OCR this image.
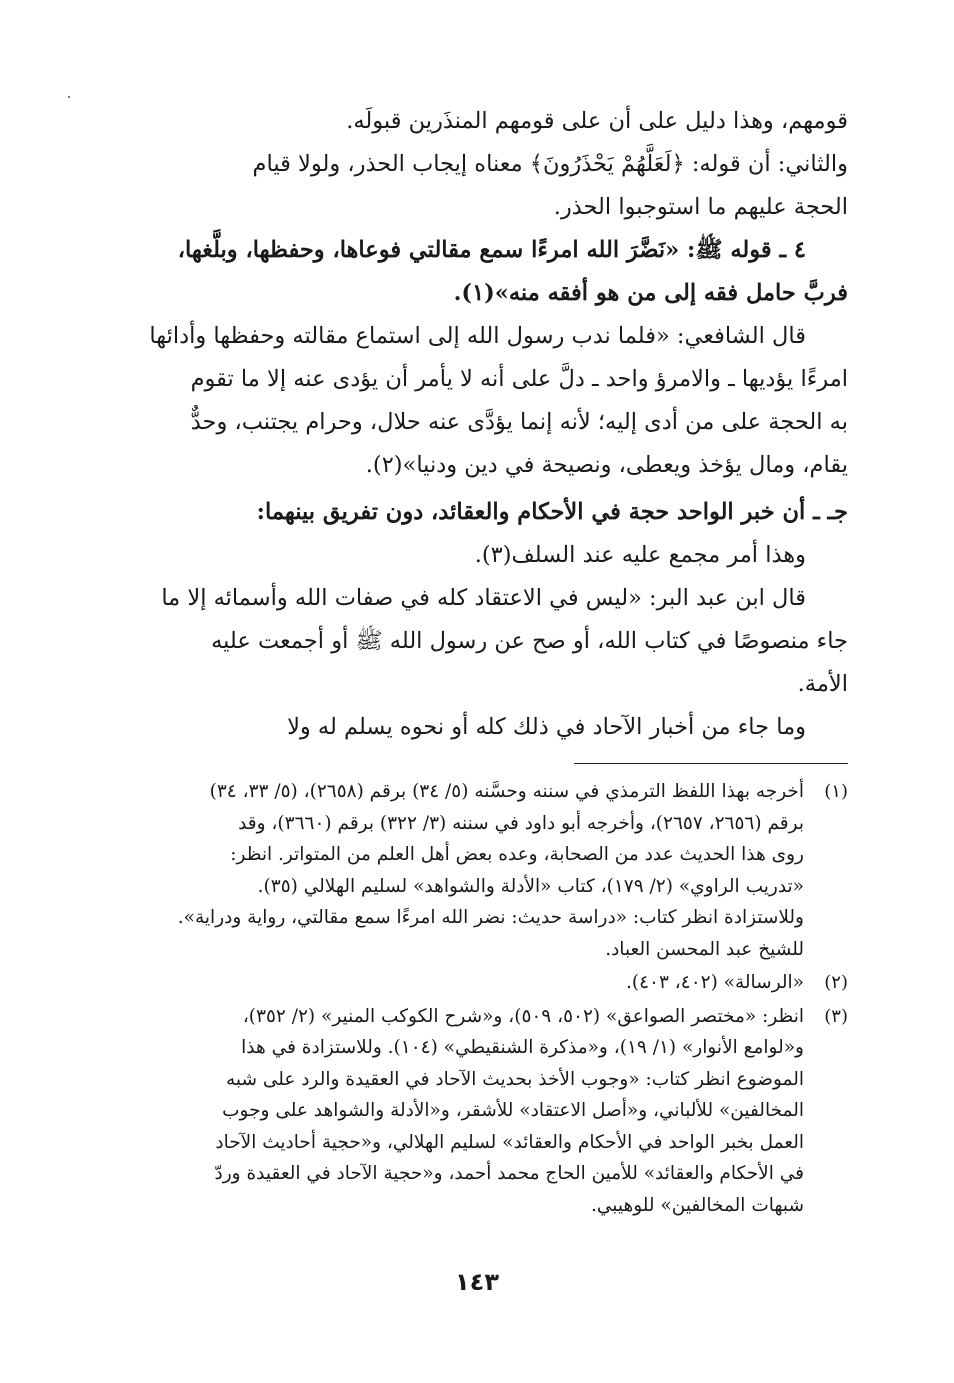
قومهم، وهذا دليل على أن على قومهم المنذَرين قبولَه.
والثاني: أن قوله: ﴿لَعَلَّهُمْ يَحْذَرُونَ﴾ معناه إيجاب الحذر، ولولا قيام
الحجة عليهم ما استوجبوا الحذر.
٤ ـ قوله ﷺ: «نَضَّرَ الله امرءًا سمع مقالتي فوعاها، وحفظها، وبلَّغها،
فربَّ حامل فقه إلى من هو أفقه منه»(١).
قال الشافعي: «فلما ندب رسول الله إلى استماع مقالته وحفظها وأدائها
امرءًا يؤديها ـ والامرؤ واحد ـ دلَّ على أنه لا يأمر أن يؤدى عنه إلا ما تقوم
به الحجة على من أدى إليه؛ لأنه إنما يؤدَّى عنه حلال، وحرام يجتنب، وحدٌّ
يقام، ومال يؤخذ ويعطى، ونصيحة في دين ودنيا»(٢).
جـ ـ أن خبر الواحد حجة في الأحكام والعقائد، دون تفريق بينهما:
وهذا أمر مجمع عليه عند السلف(٣).
قال ابن عبد البر: «ليس في الاعتقاد كله في صفات الله وأسمائه إلا ما
جاء منصوصًا في كتاب الله، أو صح عن رسول الله ﷺ أو أجمعت عليه
الأمة.
وما جاء من أخبار الآحاد في ذلك كله أو نحوه يسلم له ولا
(١)
أخرجه بهذا اللفظ الترمذي في سننه وحسَّنه (٥/ ٣٤) برقم (٢٦٥٨)، (٥/ ٣٣، ٣٤)
برقم (٢٦٥٦، ٢٦٥٧)، وأخرجه أبو داود في سننه (٣/ ٣٢٢) برقم (٣٦٦٠)، وقد
روى هذا الحديث عدد من الصحابة، وعده بعض أهل العلم من المتواتر. انظر:
«تدريب الراوي» (٢/ ١٧٩)، كتاب «الأدلة والشواهد» لسليم الهلالي (٣٥).
وللاستزادة انظر كتاب: «دراسة حديث: نضر الله امرءًا سمع مقالتي، رواية ودراية».
للشيخ عبد المحسن العباد.
(٢)
«الرسالة» (٤٠٢، ٤٠٣).
(٣)
انظر: «مختصر الصواعق» (٥٠٢، ٥٠٩)، و«شرح الكوكب المنير» (٢/ ٣٥٢)،
و«لوامع الأنوار» (١/ ١٩)، و«مذكرة الشنقيطي» (١٠٤). وللاستزادة في هذا
الموضوع انظر كتاب: «وجوب الأخذ بحديث الآحاد في العقيدة والرد على شبه
المخالفين» للألباني، و«أصل الاعتقاد» للأشقر، و«الأدلة والشواهد على وجوب
العمل بخبر الواحد في الأحكام والعقائد» لسليم الهلالي، و«حجية أحاديث الآحاد
في الأحكام والعقائد» للأمين الحاج محمد أحمد، و«حجية الآحاد في العقيدة وردّ
شبهات المخالفين» للوهيبي.
١٤٣
